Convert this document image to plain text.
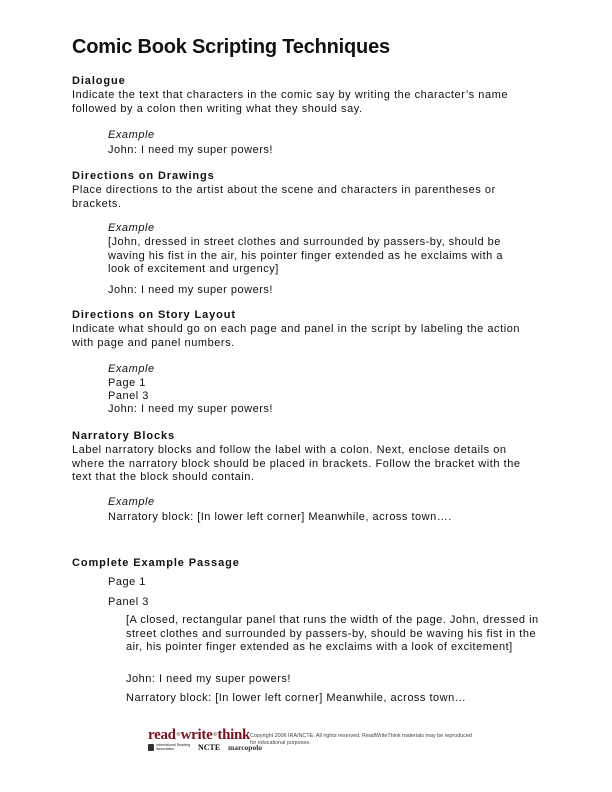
Comic Book Scripting Techniques

Dialogue

Indicate the text that characters in the comic say by writing the character’s name followed by a colon then writing what they should say.

Example

John: I need my super powers!

Directions on Drawings

Place directions to the artist about the scene and characters in parentheses or brackets.

Example

[John, dressed in street clothes and surrounded by passers-by, should be waving his fist in the air, his pointer finger extended as he exclaims with a look of excitement and urgency]

John: I need my super powers!

Directions on Story Layout

Indicate what should go on each page and panel in the script by labeling the action with page and panel numbers.

Example

Page 1

Panel 3

John: I need my super powers!

Narratory Blocks

Label narratory blocks and follow the label with a colon. Next, enclose details on where the narratory block should be placed in brackets. Follow the bracket with the text that the block should contain.

Example

Narratory block: [In lower left corner] Meanwhile, across town….

Complete Example Passage

Page 1

Panel 3

[A closed, rectangular panel that runs the width of the page. John, dressed in street clothes and surrounded by passers-by, should be waving his fist in the air, his pointer finger extended as he exclaims with a look of excitement]

John: I need my super powers!

Narratory block: [In lower left corner] Meanwhile, across town…

read•write•think
International Reading Association	NCTE marcopolo
Copyright 2006 IRA/NCTE. All rights reserved. ReadWriteThink materials may be reproduced for educational purposes.
